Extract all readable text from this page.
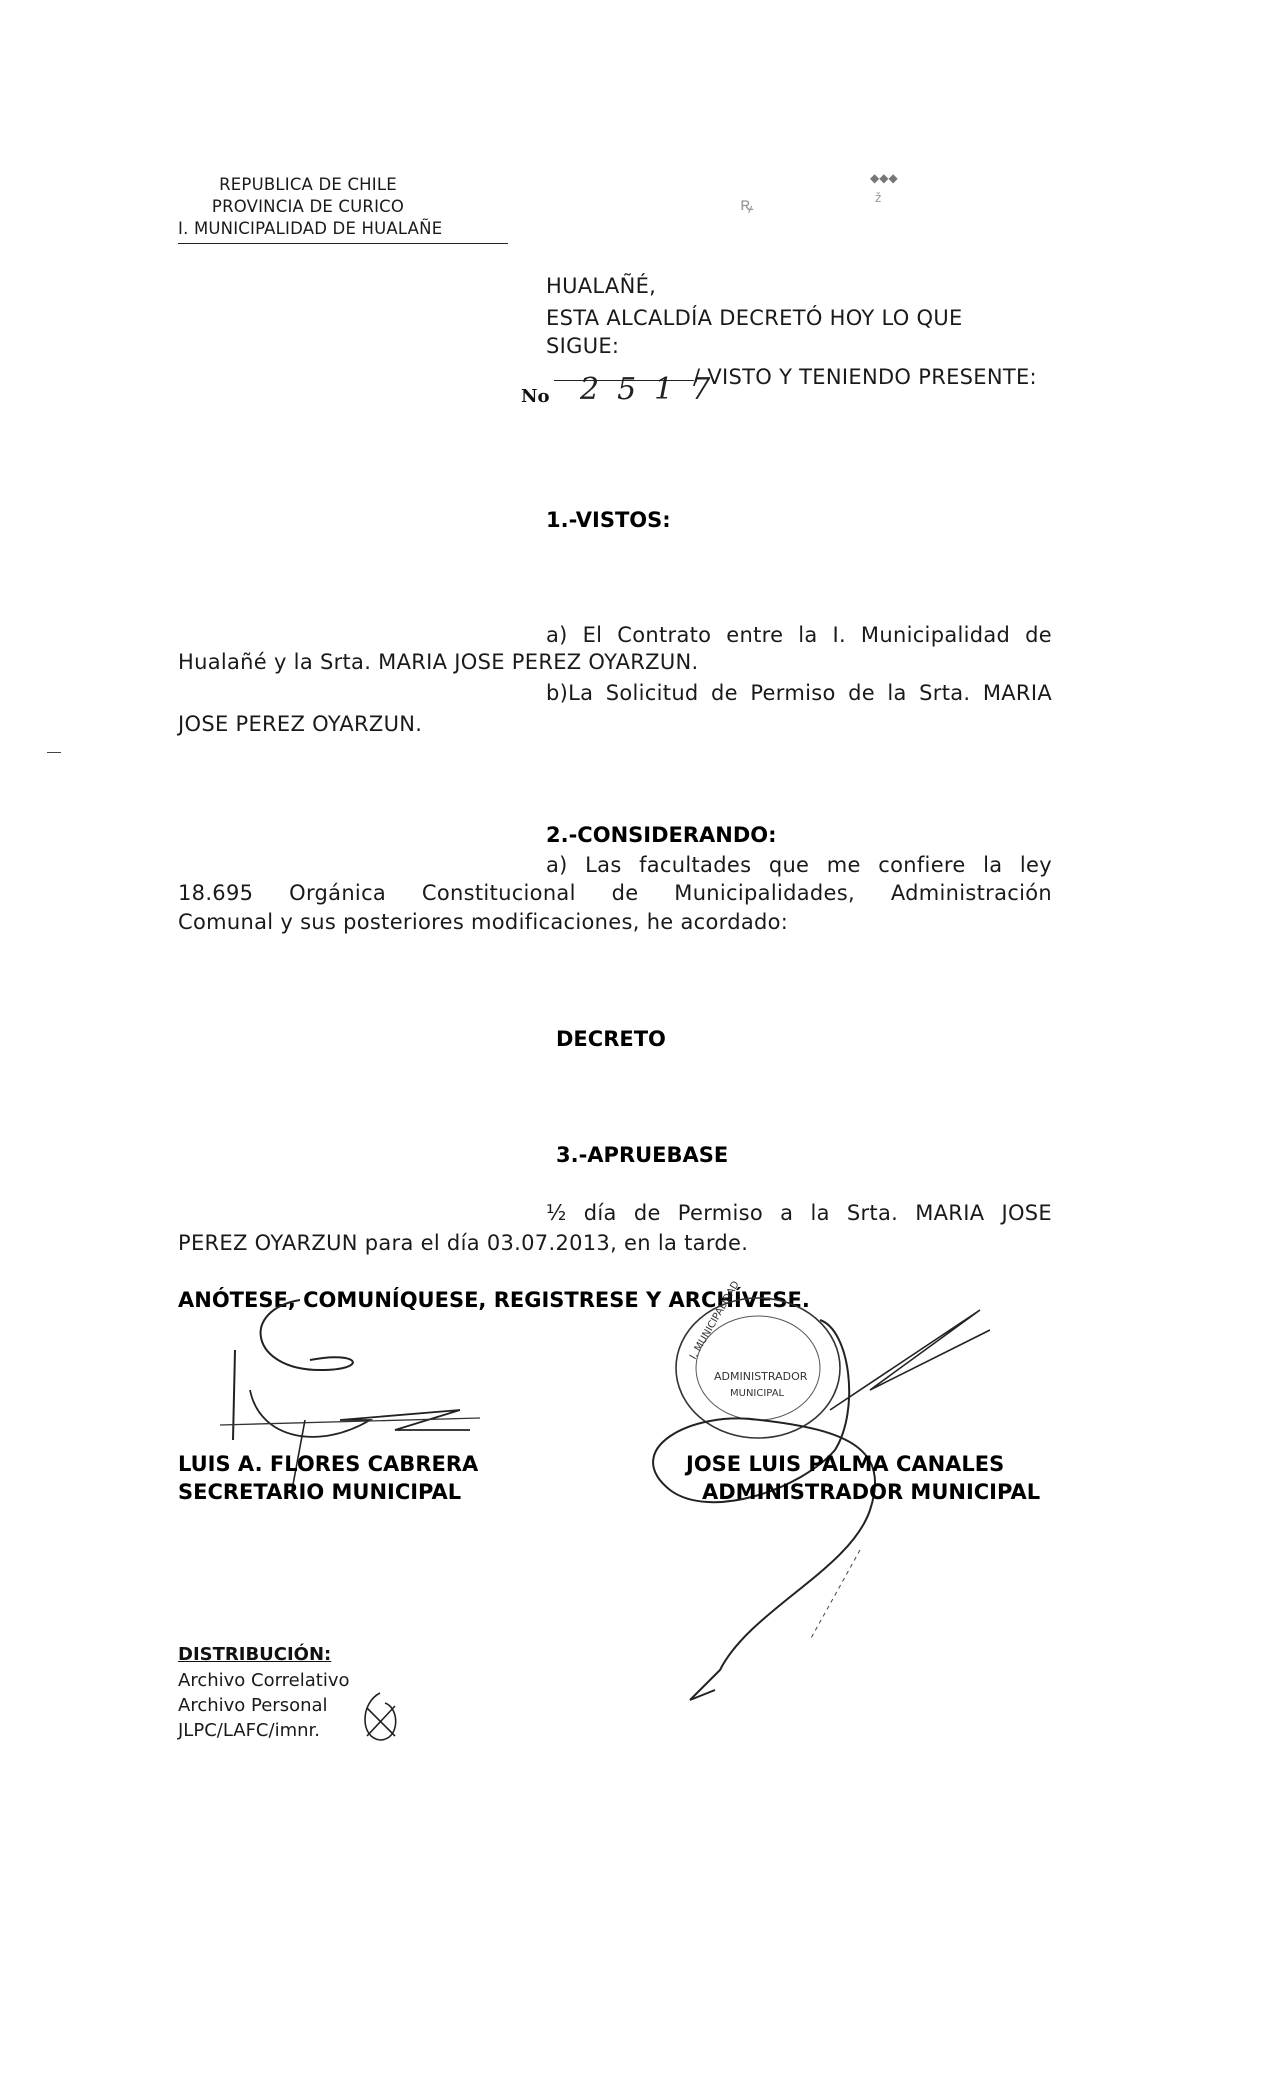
REPUBLICA DE CHILE
PROVINCIA DE CURICO
I. MUNICIPALIDAD DE HUALAÑE
ꝶ
◆◆◆
ž
HUALAÑÉ,
ESTA ALCALDÍA DECRETÓ HOY LO QUE
SIGUE:
No 2517
/ VISTO Y TENIENDO PRESENTE:
1.-VISTOS:
a) El Contrato entre la I. Municipalidad de
Hualañé y la Srta. MARIA JOSE PEREZ OYARZUN.
b)La Solicitud de Permiso de la Srta. MARIA
JOSE PEREZ OYARZUN.
2.-CONSIDERANDO:
a) Las facultades que me confiere la ley
18.695 Orgánica Constitucional de Municipalidades, Administración
Comunal y sus posteriores modificaciones, he acordado:
DECRETO
3.-APRUEBASE
½ día de Permiso a la Srta. MARIA JOSE
PEREZ OYARZUN para el día 03.07.2013, en la tarde.
ANÓTESE, COMUNÍQUESE, REGISTRESE Y ARCHÍVESE.
LUIS A. FLORES CABRERA
SECRETARIO MUNICIPAL
I. MUNICIPALIDAD
ADMINISTRADOR
MUNICIPAL
JOSE LUIS PALMA CANALES
ADMINISTRADOR MUNICIPAL
DISTRIBUCIÓN:
Archivo Correlativo
Archivo Personal
JLPC/LAFC/imnr.
